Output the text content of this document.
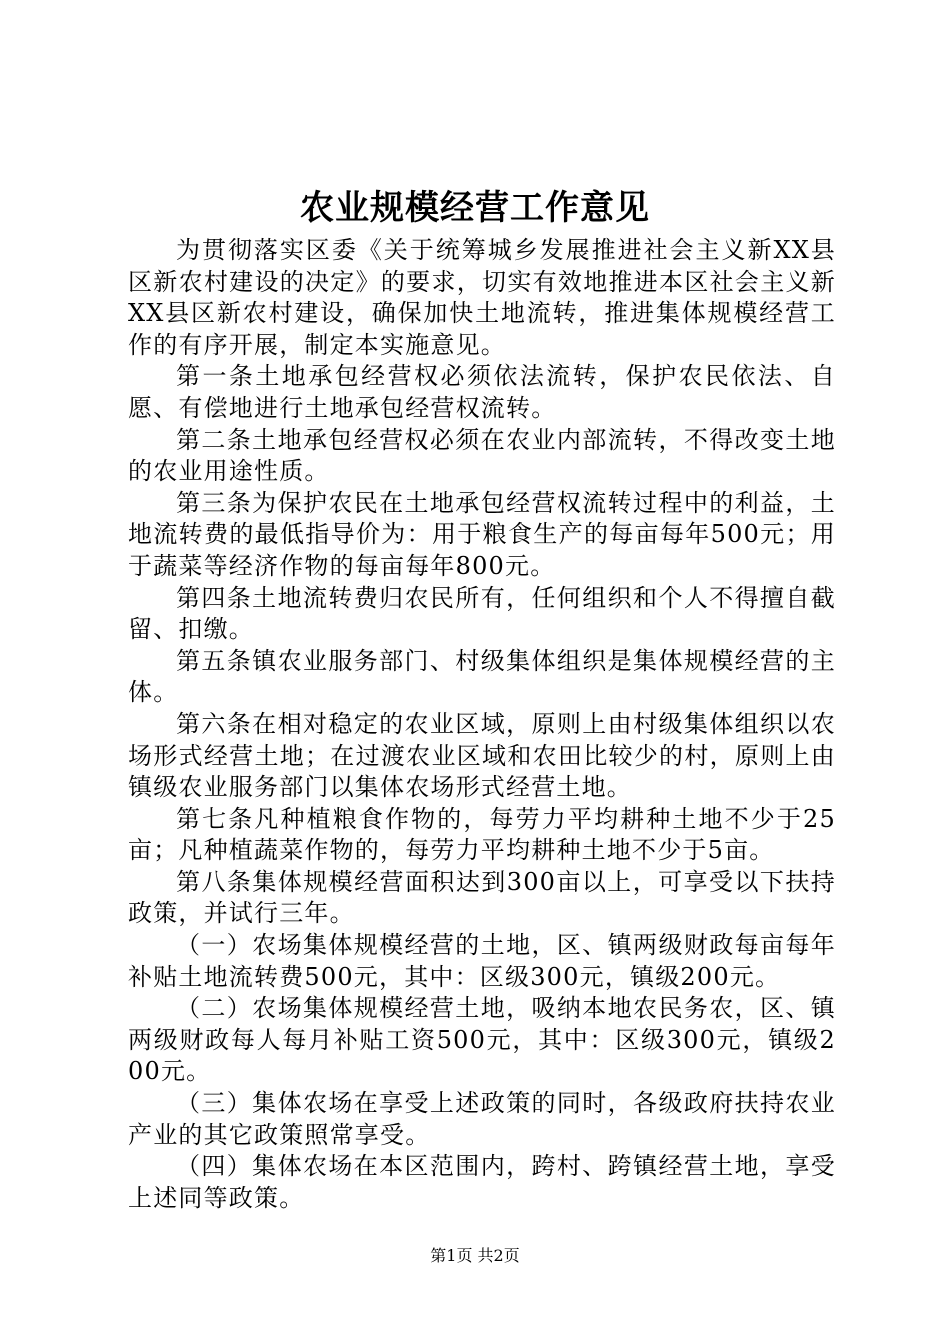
农业规模经营工作意见

为贯彻落实区委《关于统筹城乡发展推进社会主义新XX县区新农村建设的决定》的要求，切实有效地推进本区社会主义新XX县区新农村建设，确保加快土地流转，推进集体规模经营工作的有序开展，制定本实施意见。

第一条土地承包经营权必须依法流转，保护农民依法、自愿、有偿地进行土地承包经营权流转。

第二条土地承包经营权必须在农业内部流转，不得改变土地的农业用途性质。

第三条为保护农民在土地承包经营权流转过程中的利益，土地流转费的最低指导价为：用于粮食生产的每亩每年500元；用于蔬菜等经济作物的每亩每年800元。

第四条土地流转费归农民所有，任何组织和个人不得擅自截留、扣缴。

第五条镇农业服务部门、村级集体组织是集体规模经营的主体。

第六条在相对稳定的农业区域，原则上由村级集体组织以农场形式经营土地；在过渡农业区域和农田比较少的村，原则上由镇级农业服务部门以集体农场形式经营土地。

第七条凡种植粮食作物的，每劳力平均耕种土地不少于25亩；凡种植蔬菜作物的，每劳力平均耕种土地不少于5亩。

第八条集体规模经营面积达到300亩以上，可享受以下扶持政策，并试行三年。

（一）农场集体规模经营的土地，区、镇两级财政每亩每年补贴土地流转费500元，其中：区级300元，镇级200元。

（二）农场集体规模经营土地，吸纳本地农民务农，区、镇两级财政每人每月补贴工资500元，其中：区级300元，镇级200元。

（三）集体农场在享受上述政策的同时，各级政府扶持农业产业的其它政策照常享受。

（四）集体农场在本区范围内，跨村、跨镇经营土地，享受上述同等政策。

第1页 共2页
